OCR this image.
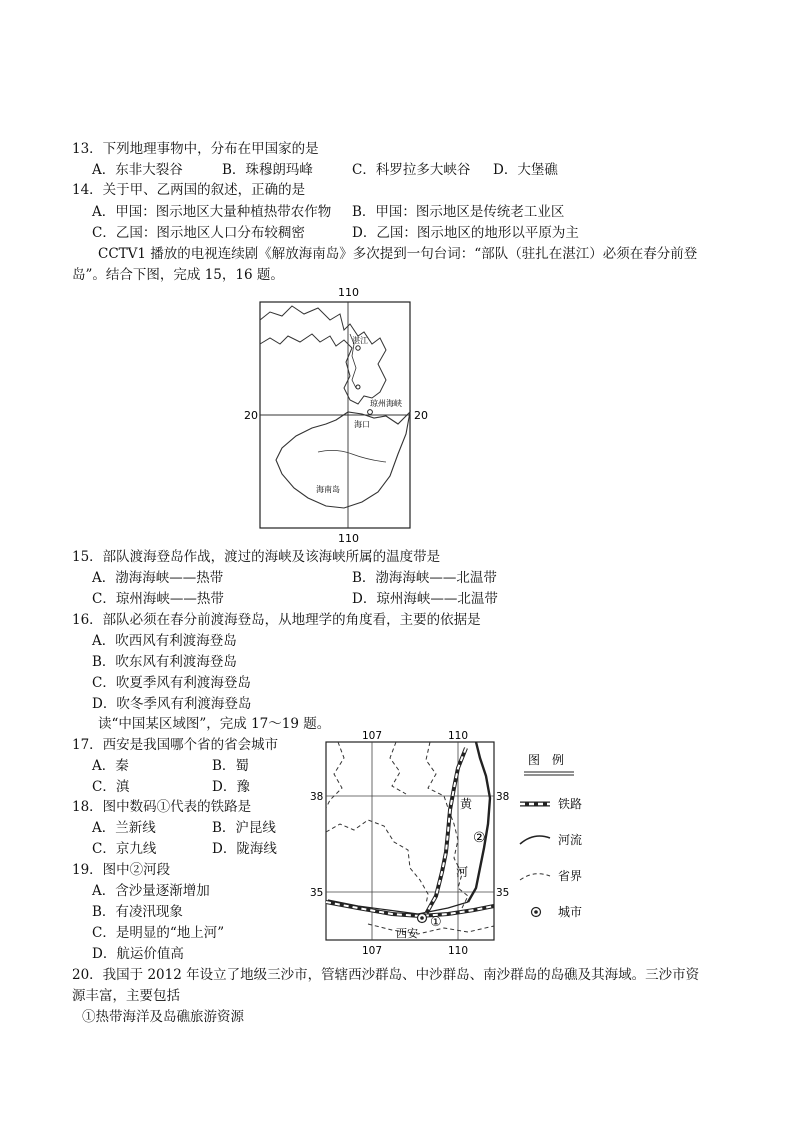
13．下列地理事物中，分布在甲国家的是
A．东非大裂谷	B．珠穆朗玛峰	C．科罗拉多大峡谷 D．大堡礁
14．关于甲、乙两国的叙述，正确的是
A．甲国：图示地区大量种植热带农作物 B．甲国：图示地区是传统老工业区
C．乙国：图示地区人口分布较稠密	D．乙国：图示地区的地形以平原为主
CCTV1 播放的电视连续剧《解放海南岛》多次提到一句台词：“部队（驻扎在湛江）必须在春分前登
岛”。结合下图，完成 15，16 题。
110
110
20	20
湛江
琼州海峡
海口
海南岛
15．部队渡海登岛作战，渡过的海峡及该海峡所属的温度带是
A．渤海海峡——热带	B．渤海海峡——北温带
C．琼州海峡——热带	D．琼州海峡——北温带
16．部队必须在春分前渡海登岛，从地理学的角度看，主要的依据是
A．吹西风有利渡海登岛
B．吹东风有利渡海登岛
C．吹夏季风有利渡海登岛
D．吹冬季风有利渡海登岛
读“中国某区域图”，完成 17～19 题。
17．西安是我国哪个省的省会城市
A．秦	B．蜀
C．滇	D．豫
18．图中数码①代表的铁路是
A．兰新线	B．沪昆线
C．京九线	D．陇海线
19．图中②河段
A．含沙量逐渐增加
B．有凌汛现象
C．是明显的“地上河”
D．航运价值高
107	110
107	110
38	38
35	35
黄
河
②
①
西安
图　例
铁路
河流
省界
城市
20．我国于 2012 年设立了地级三沙市，管辖西沙群岛、中沙群岛、南沙群岛的岛礁及其海域。三沙市资
源丰富，主要包括
①热带海洋及岛礁旅游资源
